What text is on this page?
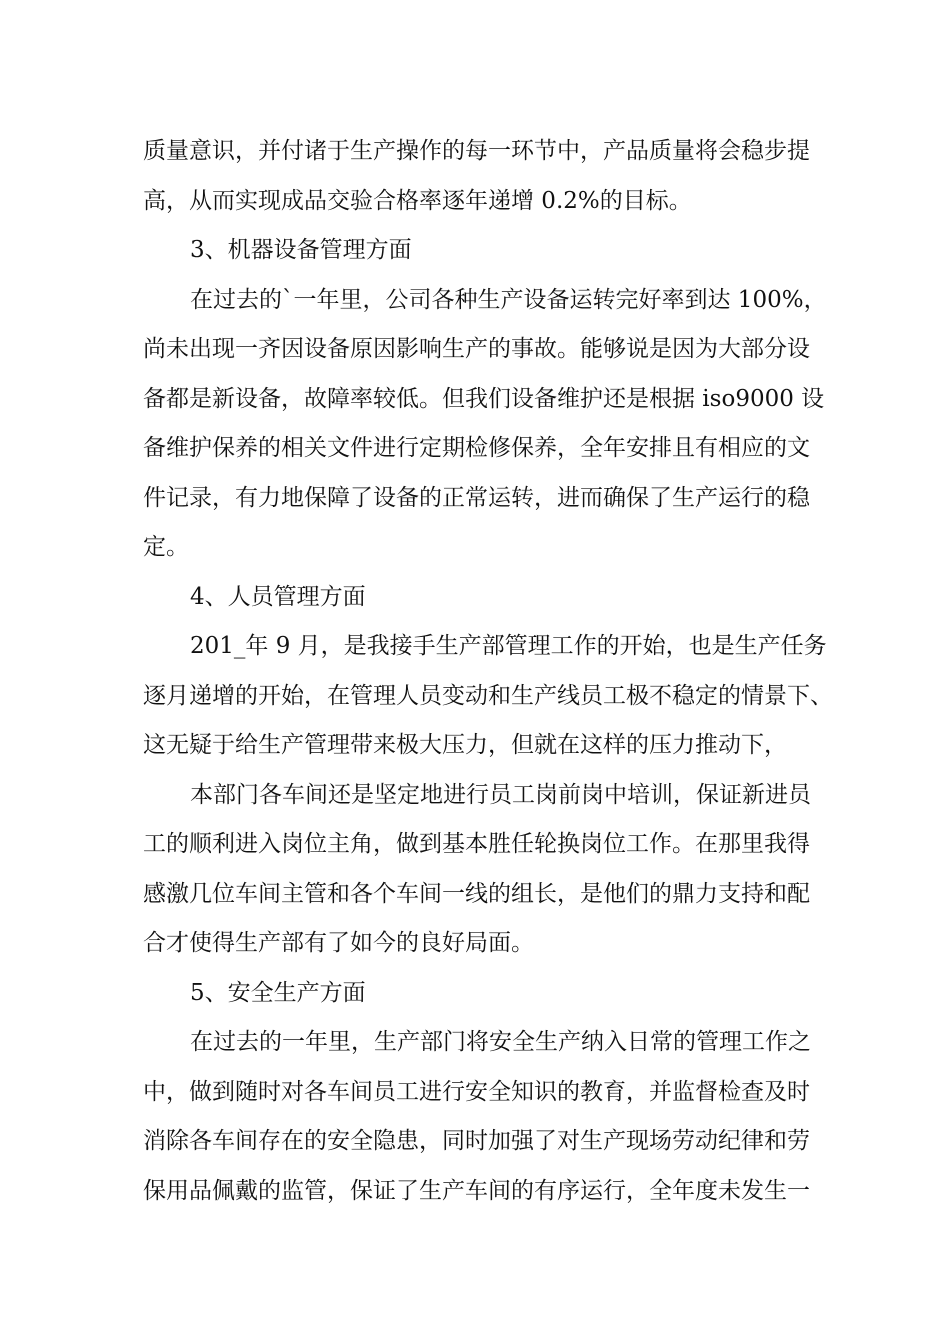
质量意识，并付诸于生产操作的每一环节中，产品质量将会稳步提
高，从而实现成品交验合格率逐年递增 0.2%的目标。
3、机器设备管理方面
在过去的`一年里，公司各种生产设备运转完好率到达 100%，
尚未出现一齐因设备原因影响生产的事故。能够说是因为大部分设
备都是新设备，故障率较低。但我们设备维护还是根据 iso9000 设
备维护保养的相关文件进行定期检修保养，全年安排且有相应的文
件记录，有力地保障了设备的正常运转，进而确保了生产运行的稳
定。
4、人员管理方面
201_年 9 月，是我接手生产部管理工作的开始，也是生产任务
逐月递增的开始，在管理人员变动和生产线员工极不稳定的情景下、
这无疑于给生产管理带来极大压力，但就在这样的压力推动下，
本部门各车间还是坚定地进行员工岗前岗中培训，保证新进员
工的顺利进入岗位主角，做到基本胜任轮换岗位工作。在那里我得
感激几位车间主管和各个车间一线的组长，是他们的鼎力支持和配
合才使得生产部有了如今的良好局面。
5、安全生产方面
在过去的一年里，生产部门将安全生产纳入日常的管理工作之
中，做到随时对各车间员工进行安全知识的教育，并监督检查及时
消除各车间存在的安全隐患，同时加强了对生产现场劳动纪律和劳
保用品佩戴的监管，保证了生产车间的有序运行，全年度未发生一
